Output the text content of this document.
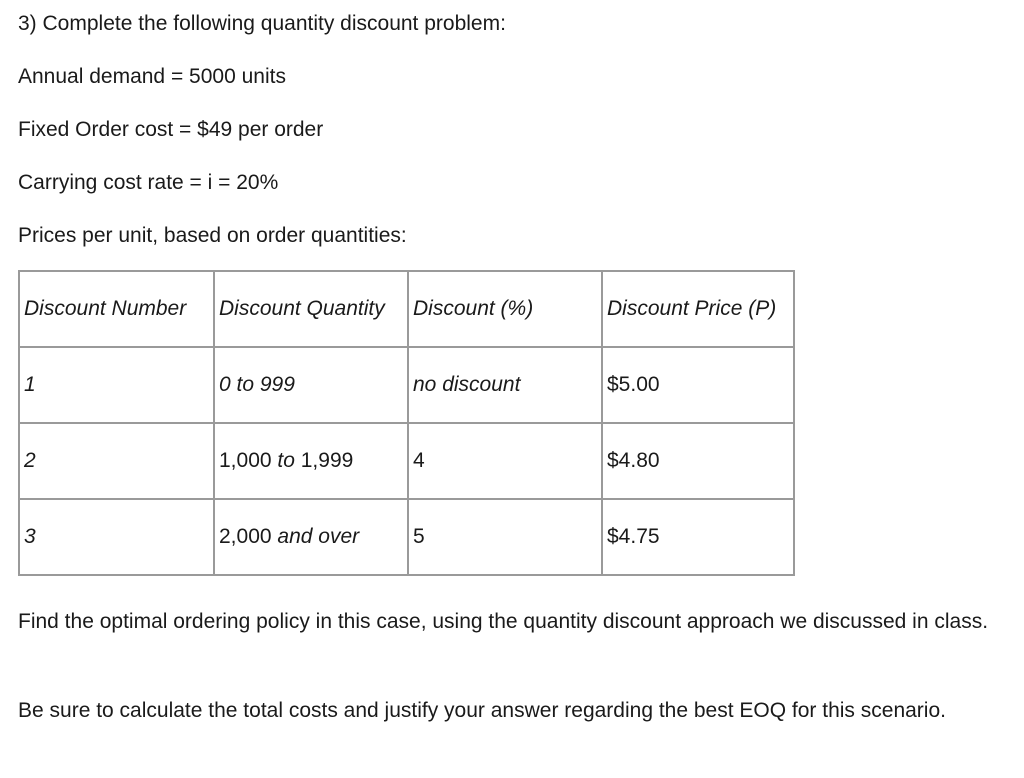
3) Complete the following quantity discount problem:

Annual demand = 5000 units

Fixed Order cost = $49 per order

Carrying cost rate = i = 20%

Prices per unit, based on order quantities:

Discount Number	Discount Quantity	Discount (%)	Discount Price (P)
1	0 to 999	no discount	$5.00
2	1,000 to 1,999	4	$4.80
3	2,000 and over	5	$4.75

Find the optimal ordering policy in this case, using the quantity discount approach we discussed in class.

Be sure to calculate the total costs and justify your answer regarding the best EOQ for this scenario.
